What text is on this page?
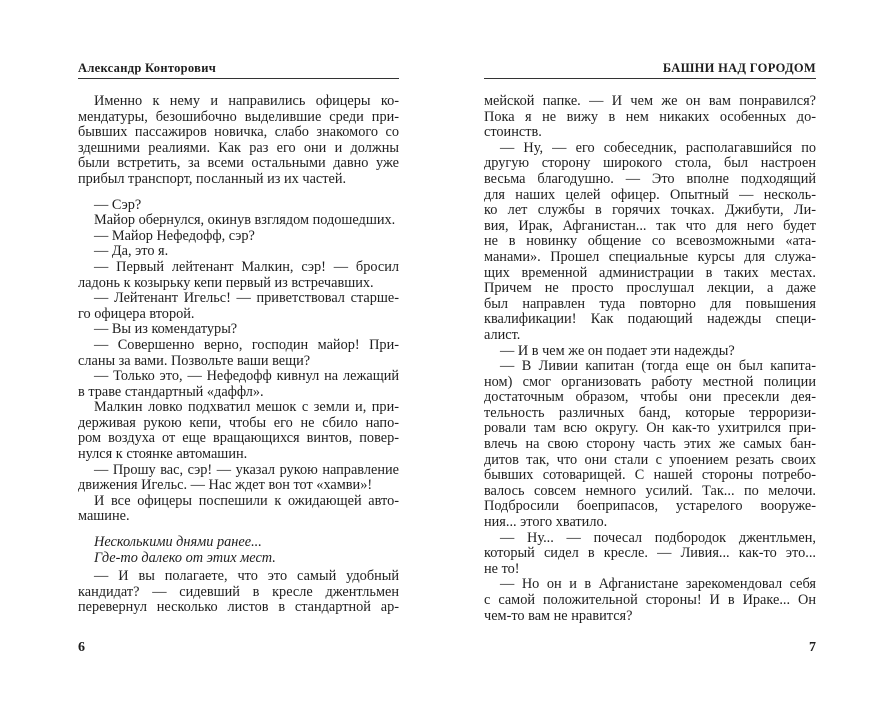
Александр Конторович
Именно к нему и направились офицеры ко-
мендатуры, безошибочно выделившие среди при-
бывших пассажиров новичка, слабо знакомого со
здешними реалиями. Как раз его они и должны
были встретить, за всеми остальными давно уже
прибыл транспорт, посланный из их частей.
— Сэр?
Майор обернулся, окинув взглядом подошедших.
— Майор Нефедофф, сэр?
— Да, это я.
— Первый лейтенант Малкин, сэр! — бросил
ладонь к козырьку кепи первый из встречавших.
— Лейтенант Игельс! — приветствовал старше-
го офицера второй.
— Вы из комендатуры?
— Совершенно верно, господин майор! При-
сланы за вами. Позвольте ваши вещи?
— Только это, — Нефедофф кивнул на лежащий
в траве стандартный «даффл».
Малкин ловко подхватил мешок с земли и, при-
держивая рукою кепи, чтобы его не сбило напо-
ром воздуха от еще вращающихся винтов, повер-
нулся к стоянке автомашин.
— Прошу вас, сэр! — указал рукою направление
движения Игельс. — Нас ждет вон тот «хамви»!
И все офицеры поспешили к ожидающей авто-
машине.
Несколькими днями ранее...
Где-то далеко от этих мест.
— И вы полагаете, что это самый удобный
кандидат? — сидевший в кресле джентльмен
перевернул несколько листов в стандартной ар-
6
БАШНИ НАД ГОРОДОМ
мейской папке. — И чем же он вам понравился?
Пока я не вижу в нем никаких особенных до-
стоинств.
— Ну, — его собеседник, располагавшийся по
другую сторону широкого стола, был настроен
весьма благодушно. — Это вполне подходящий
для наших целей офицер. Опытный — несколь-
ко лет службы в горячих точках. Джибути, Ли-
вия, Ирак, Афганистан... так что для него будет
не в новинку общение со всевозможными «ата-
манами». Прошел специальные курсы для служа-
щих временной администрации в таких местах.
Причем не просто прослушал лекции, а даже
был направлен туда повторно для повышения
квалификации! Как подающий надежды специ-
алист.
— И в чем же он подает эти надежды?
— В Ливии капитан (тогда еще он был капита-
ном) смог организовать работу местной полиции
достаточным образом, чтобы они пресекли дея-
тельность различных банд, которые терроризи-
ровали там всю округу. Он как-то ухитрился при-
влечь на свою сторону часть этих же самых бан-
дитов так, что они стали с упоением резать своих
бывших сотоварищей. С нашей стороны потребо-
валось совсем немного усилий. Так... по мелочи.
Подбросили боеприпасов, устарелого вооруже-
ния... этого хватило.
— Ну... — почесал подбородок джентльмен,
который сидел в кресле. — Ливия... как-то это...
не то!
— Но он и в Афганистане зарекомендовал себя
с самой положительной стороны! И в Ираке... Он
чем-то вам не нравится?
7
